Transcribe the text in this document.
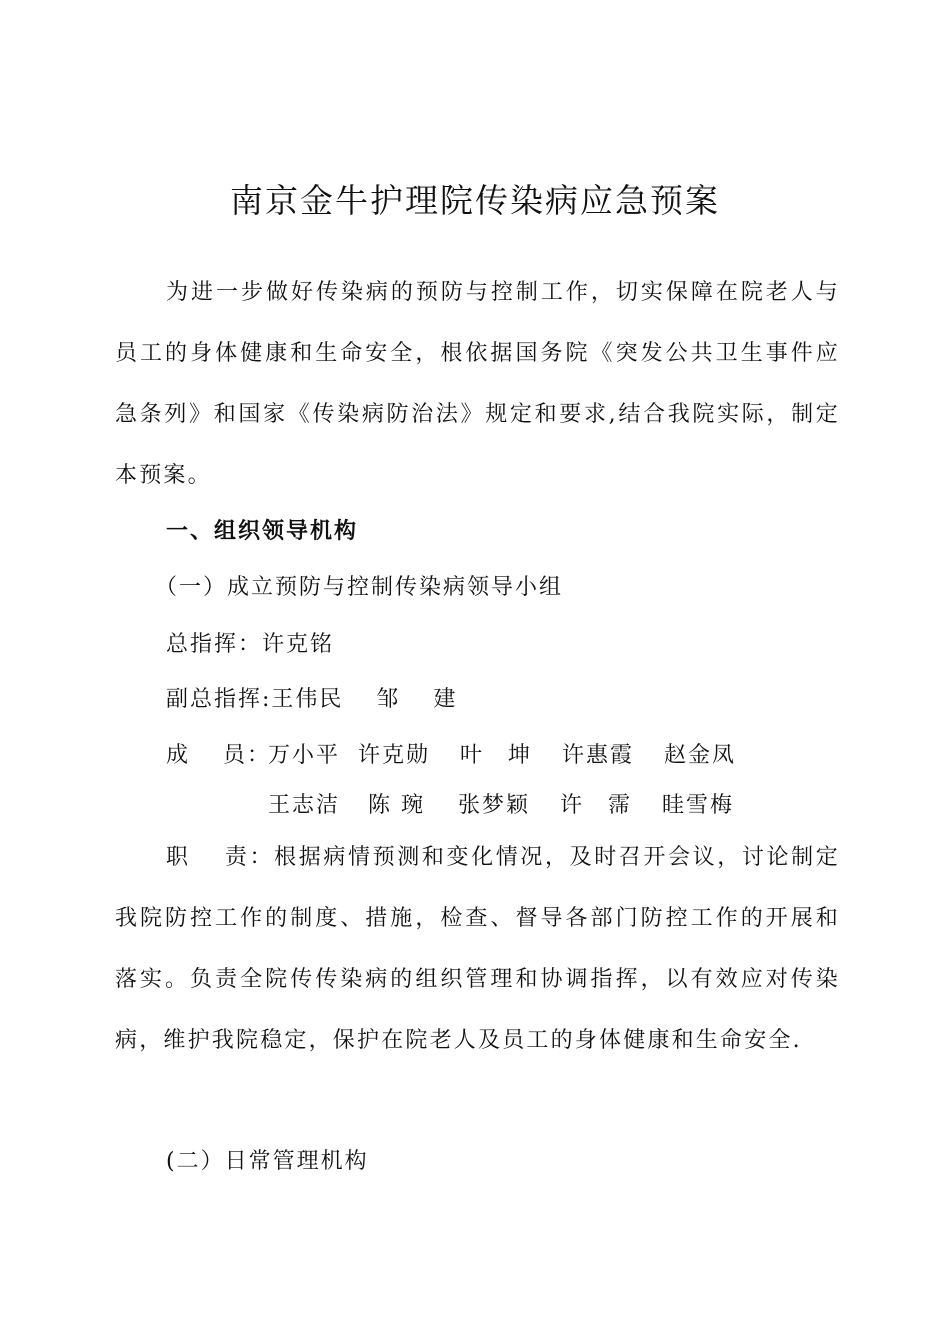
南京金牛护理院传染病应急预案
为进一步做好传染病的预防与控制工作，切实保障在院老人与员工的身体健康和生命安全，根依据国务院《突发公共卫生事件应急条列》和国家《传染病防治法》规定和要求,结合我院实际，制定本预案。
一、组织领导机构
（一）成立预防与控制传染病领导小组
总指挥：许克铭
副总指挥:王伟民　 邹　 建
成　 员：万小平 许克勋 叶　坤 许惠霞 赵金凤
王志洁 陈 琬 张梦颖 许　霈 眭雪梅
职　 责：根据病情预测和变化情况，及时召开会议，讨论制定我院防控工作的制度、措施，检查、督导各部门防控工作的开展和落实。负责全院传传染病的组织管理和协调指挥，以有效应对传染病，维护我院稳定，保护在院老人及员工的身体健康和生命安全.
(二）日常管理机构
